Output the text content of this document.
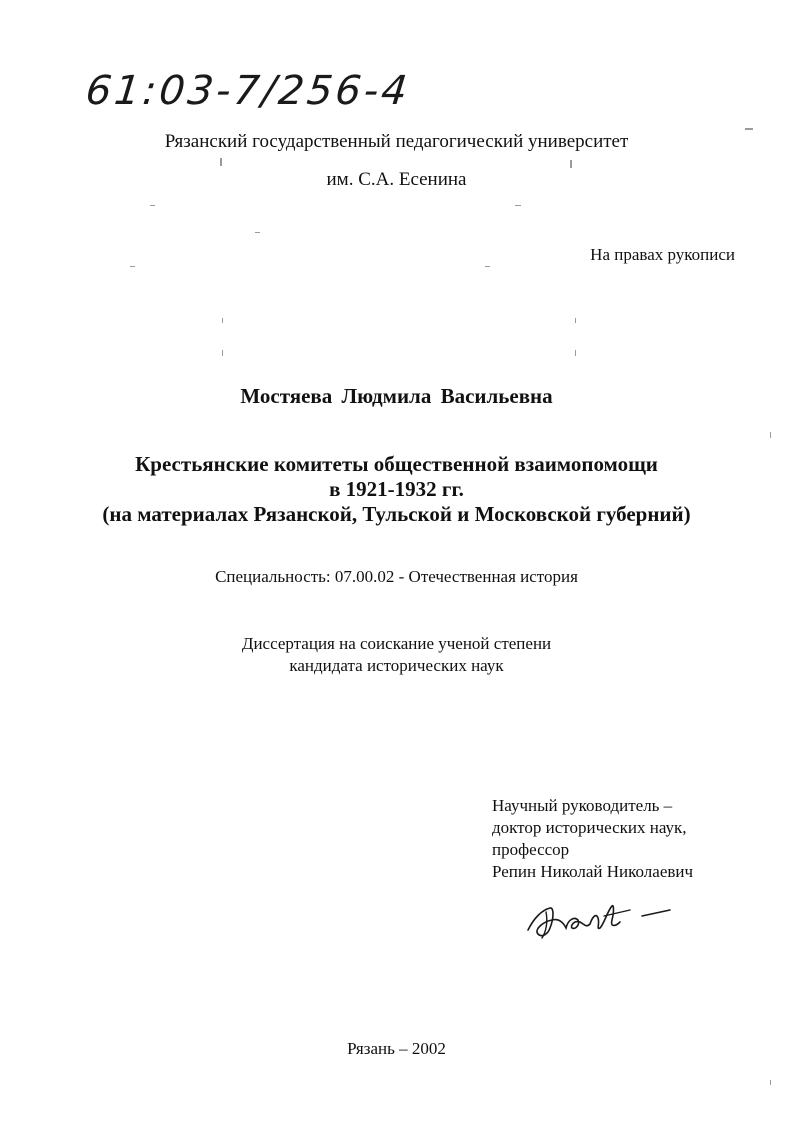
61:03-7/256-4
Рязанский государственный педагогический университет
им. С.А. Есенина
На правах рукописи
Мостяева Людмила Васильевна
Крестьянские комитеты общественной взаимопомощи
в 1921-1932 гг.
(на материалах Рязанской, Тульской и Московской губерний)
Специальность: 07.00.02 - Отечественная история
Диссертация на соискание ученой степени
кандидата исторических наук
Научный руководитель –
доктор исторических наук,
профессор
Репин Николай Николаевич
Рязань – 2002
